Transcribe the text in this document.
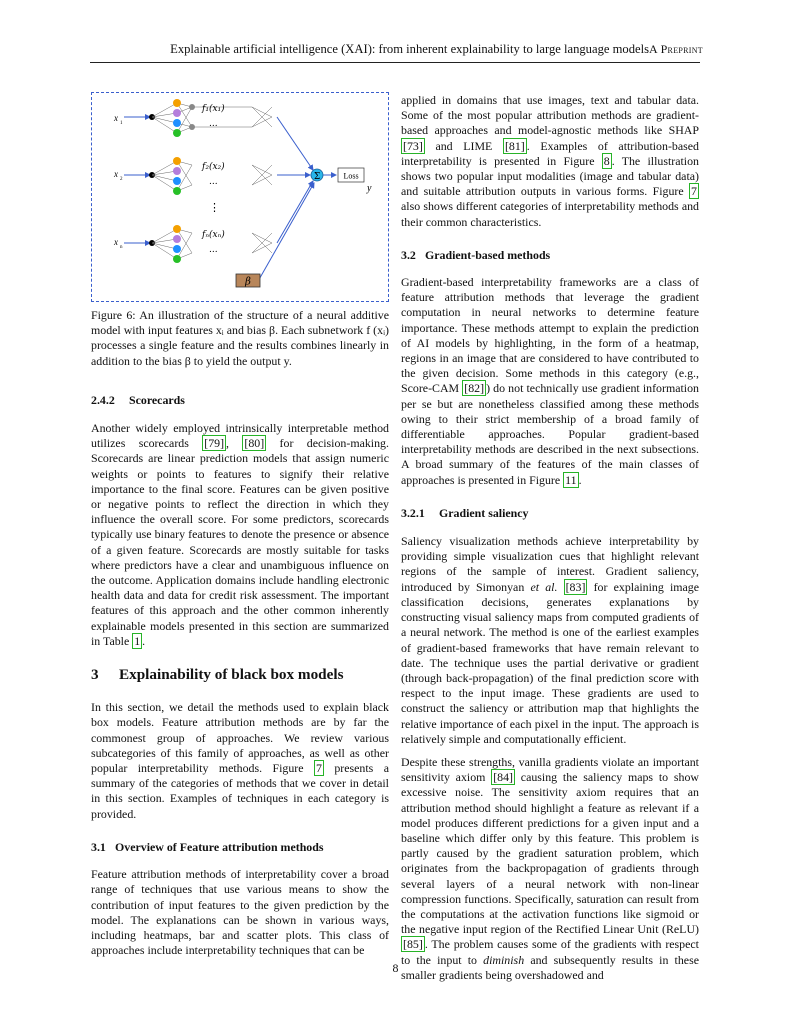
Explainable artificial intelligence (XAI): from inherent explainability to large language modelsA Preprint
Σ	Loss
y
β
x
1
x
2
x
n
f₁(x₁)
...
f₂(x₂)
...
⋮
fₙ(xₙ)
...

Figure 6: An illustration of the structure of a neural additive model with input features xᵢ and bias β. Each subnetwork f (xᵢ) processes a single feature and the results combines linearly in addition to the bias β to yield the output y.

2.4.2 Scorecards

Another widely employed intrinsically interpretable method utilizes scorecards [79] , [80] for decision-making. Scorecards are linear prediction models that assign numeric weights or points to features to signify their relative importance to the final score. Features can be given positive or negative points to reflect the direction in which they influence the overall score. For some predictors, scorecards typically use binary features to denote the presence or absence of a given feature. Scorecards are mostly suitable for tasks where predictors have a clear and unambiguous influence on the outcome. Application domains include handling electronic health data and data for credit risk assessment. The important features of this approach and the other common inherently explainable models presented in this section are summarized in Table 1 .

3 Explainability of black box models

In this section, we detail the methods used to explain black box models. Feature attribution methods are by far the commonest group of approaches. We review various subcategories of this family of approaches, as well as other popular interpretability methods. Figure 7 presents a summary of the categories of methods that we cover in detail in this section. Examples of techniques in each category is provided.

3.1 Overview of Feature attribution methods

Feature attribution methods of interpretability cover a broad range of techniques that use various means to show the contribution of input features to the given prediction by the model. The explanations can be shown in various ways, including heatmaps, bar and scatter plots. This class of approaches include interpretability techniques that can be

applied in domains that use images, text and tabular data. Some of the most popular attribution methods are gradient-based approaches and model-agnostic methods like SHAP [73] and LIME [81] . Examples of attribution-based interpretability is presented in Figure 8 . The illustration shows two popular input modalities (image and tabular data) and suitable attribution outputs in various forms. Figure 7 also shows different categories of interpretability methods and their common characteristics.

3.2 Gradient-based methods

Gradient-based interpretability frameworks are a class of feature attribution methods that leverage the gradient computation in neural networks to determine feature importance. These methods attempt to explain the prediction of AI models by highlighting, in the form of a heatmap, regions in an image that are considered to have contributed to the given decision. Some methods in this category (e.g., Score-CAM [82] ) do not technically use gradient information per se but are nonetheless classified among these methods owing to their strict membership of a broad family of differentiable approaches. Popular gradient-based interpretability methods are described in the next subsections. A broad summary of the features of the main classes of approaches is presented in Figure 11 .

3.2.1 Gradient saliency

Saliency visualization methods achieve interpretability by providing simple visualization cues that highlight relevant regions of the sample of interest. Gradient saliency, introduced by Simonyan et al. [83] for explaining image classification decisions, generates explanations by constructing visual saliency maps from computed gradients of a neural network. The method is one of the earliest examples of gradient-based frameworks that have remain relevant to date. The technique uses the partial derivative or gradient (through back-propagation) of the final prediction score with respect to the input image. These gradients are used to construct the saliency or attribution map that highlights the relative importance of each pixel in the input. The approach is relatively simple and computationally efficient.

Despite these strengths, vanilla gradients violate an important sensitivity axiom [84] causing the saliency maps to show excessive noise. The sensitivity axiom requires that an attribution method should highlight a feature as relevant if a model produces different predictions for a given input and a baseline which differ only by this feature. This problem is partly caused by the gradient saturation problem, which originates from the backpropagation of gradients through several layers of a neural network with non-linear compression functions. Specifically, saturation can result from the computations at the activation functions like sigmoid or the negative input region of the Rectified Linear Unit (ReLU) [85] . The problem causes some of the gradients with respect to the input to diminish and subsequently results in these smaller gradients being overshadowed and

8
